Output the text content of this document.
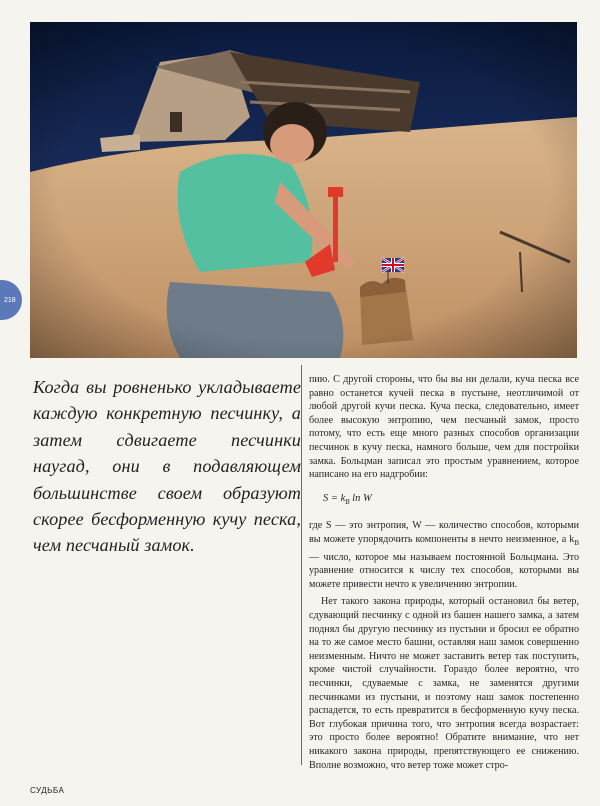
218

Когда вы ровненько укладываете каждую конкретную песчинку, а затем сдвигаете песчинки наугад, они в подавляющем большинстве своем образуют скорее бесформенную кучу песка, чем песчаный замок.

пию. С другой стороны, что бы вы ни делали, куча песка все равно останется кучей песка в пустыне, неотличимой от любой другой кучи песка. Куча песка, следовательно, имеет более высокую энтропию, чем песчаный замок, просто потому, что есть еще много разных способов организации песчинок в кучу песка, намного больше, чем для постройки замка. Больцман записал это простым уравнением, которое написано на его надгробии:

$S = k_B$ ln W

где S — это энтропия, W — количество способов, которыми вы можете упорядочить компоненты в нечто неизменное, а $k_B$ — число, которое мы называем постоянной Больцмана. Это уравнение относится к числу тех способов, которыми вы можете привести нечто к увеличению энтропии.

Нет такого закона природы, который остановил бы ветер, сдувающий песчинку с одной из башен нашего замка, а затем поднял бы другую песчинку из пустыни и бросил ее обратно на то же самое место башни, оставляя наш замок совершенно неизменным. Ничто не может заставить ветер так поступить, кроме чистой случайности. Гораздо более вероятно, что песчинки, сдуваемые с замка, не заменятся другими песчинками из пустыни, и поэтому наш замок постепенно распадется, то есть превратится в бесформенную кучу песка. Вот глубокая причина того, что энтропия всегда возрастает: это просто более вероятно! Обратите внимание, что нет никакого закона природы, препятствующего ее снижению. Вполне возможно, что ветер тоже может стро-

СУДЬБА
